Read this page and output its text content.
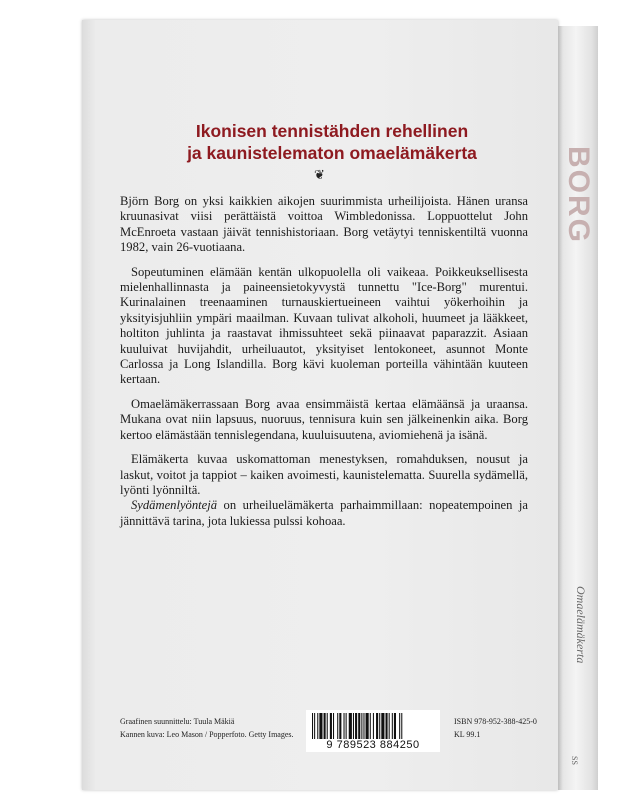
Ikonisen tennistähden rehellinen
ja kaunistelematon omaelämäkerta
❦

Björn Borg on yksi kaikkien aikojen suurimmista urheilijoista. Hänen uransa kruunasivat viisi perättäistä voittoa Wimbledonissa. Loppuottelut John McEnroeta vastaan jäivät tennishistoriaan. Borg vetäytyi tenniskentiltä vuonna 1982, vain 26-vuotiaana.

Sopeutuminen elämään kentän ulkopuolella oli vaikeaa. Poikkeuksellisesta mielenhallinnasta ja paineensietokyvystä tunnettu "Ice-Borg" murentui. Kurinalainen treenaaminen turnauskiertueineen vaihtui yökerhoihin ja yksityisjuhliin ympäri maailman. Kuvaan tulivat alkoholi, huumeet ja lääkkeet, holtiton juhlinta ja raastavat ihmissuhteet sekä piinaavat paparazzit. Asiaan kuuluivat huvijahdit, urheiluautot, yksityiset lentokoneet, asunnot Monte Carlossa ja Long Islandilla. Borg kävi kuoleman porteilla vähintään kuuteen kertaan.

Omaelämäkerrassaan Borg avaa ensimmäistä kertaa elämäänsä ja uraansa. Mukana ovat niin lapsuus, nuoruus, tennisura kuin sen jälkeinenkin aika. Borg kertoo elämästään tennislegendana, kuuluisuutena, aviomiehenä ja isänä.

Elämäkerta kuvaa uskomattoman menestyksen, romahduksen, nousut ja laskut, voitot ja tappiot – kaiken avoimesti, kaunistelematta. Suurella sydämellä, lyönti lyönniltä.

Sydämenlyöntejä on urheiluelämäkerta parhaimmillaan: nopeatempoinen ja jännittävä tarina, jota lukiessa pulssi kohoaa.

Graafinen suunnittelu: Tuula Mäkiä
Kannen kuva: Leo Mason / Popperfoto. Getty Images.
9 789523 884250
ISBN 978-952-388-425-0
KL 99.1
BORG
Omaelämäkerta
SS
